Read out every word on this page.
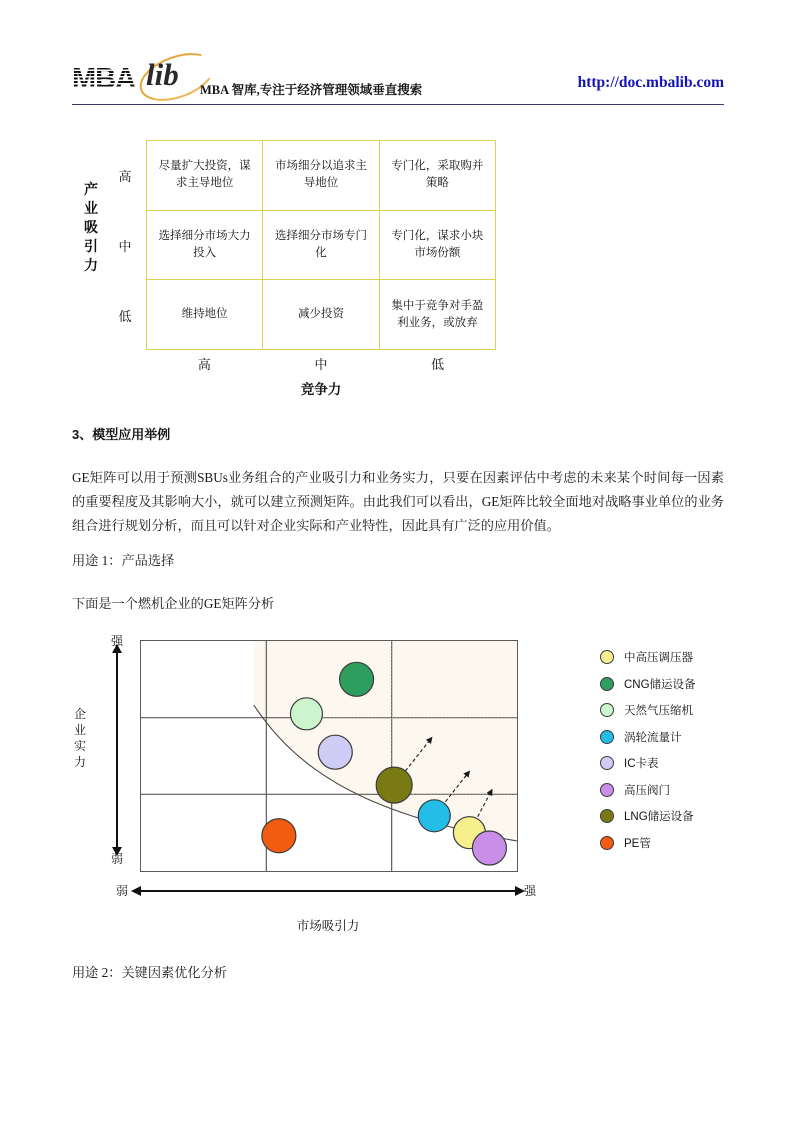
MBA lib MBA 智库,专注于经济管理领域垂直搜索	http://doc.mbalib.com
产业吸引力
高
中
低
尽量扩大投资，谋求主导地位	市场细分以追求主导地位	专门化，采取购并策略
选择细分市场大力投入	选择细分市场专门化	专门化，谋求小块市场份额
维持地位	减少投资	集中于竞争对手盈利业务，或放弃
高	中	低
竞争力
3、模型应用举例
GE矩阵可以用于预测SBUs业务组合的产业吸引力和业务实力，只要在因素评估中考虑的未来某个时间每一因素的重要程度及其影响大小，就可以建立预测矩阵。由此我们可以看出，GE矩阵比较全面地对战略事业单位的业务组合进行规划分析，而且可以针对企业实际和产业特性，因此具有广泛的应用价值。
用途 1：产品选择
下面是一个燃机企业的GE矩阵分析
用途 2：关键因素优化分析
强
弱
企业实力
弱	强
市场吸引力
中高压调压器
CNG储运设备
天然气压缩机
涡轮流量计
IC卡表
高压阀门
LNG储运设备
PE管
